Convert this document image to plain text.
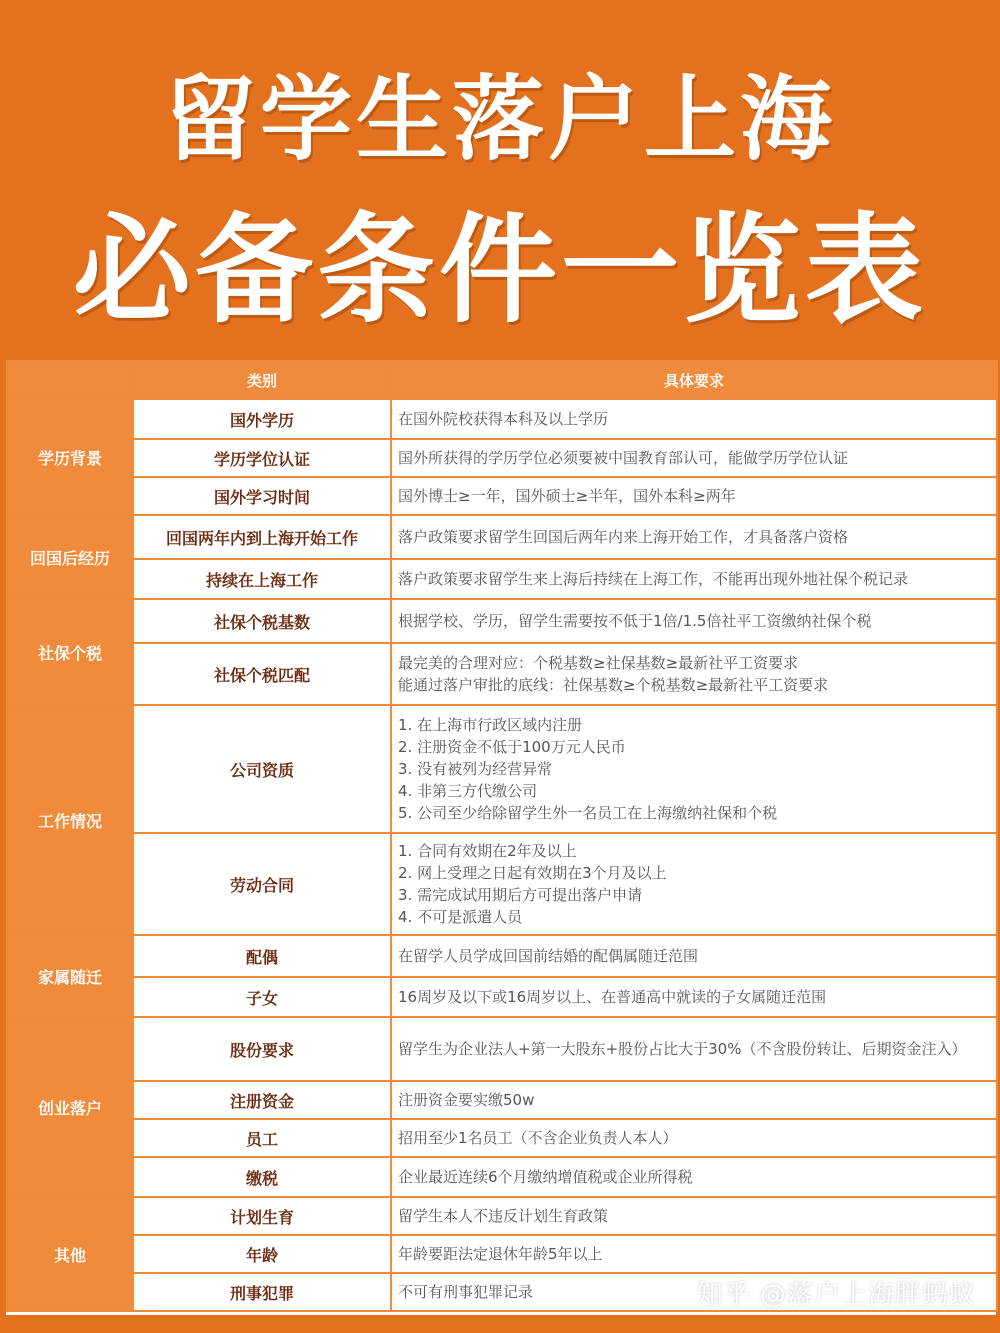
留学生落户上海
必备条件一览表
	类别	具体要求
学历背景	国外学历	在国外院校获得本科及以上学历

	学历学位认证	国外所获得的学历学位必须要被中国教育部认可，能做学历学位认证

	国外学习时间	国外博士≥一年，国外硕士≥半年，国外本科≥两年

回国后经历	回国两年内到上海开始工作	落户政策要求留学生回国后两年内来上海开始工作，才具备落户资格

	持续在上海工作	落户政策要求留学生来上海后持续在上海工作，不能再出现外地社保个税记录

社保个税	社保个税基数	根据学校、学历，留学生需要按不低于1倍/1.5倍社平工资缴纳社保个税

	社保个税匹配	最完美的合理对应：个税基数≥社保基数≥最新社平工资要求
能通过落户审批的底线：社保基数≥个税基数≥最新社平工资要求

工作情况	公司资质	1. 在上海市行政区域内注册
2. 注册资金不低于100万元人民币
3. 没有被列为经营异常
4. 非第三方代缴公司
5. 公司至少给除留学生外一名员工在上海缴纳社保和个税

	劳动合同	1. 合同有效期在2年及以上
2. 网上受理之日起有效期在3个月及以上
3. 需完成试用期后方可提出落户申请
4. 不可是派遣人员

家属随迁	配偶	在留学人员学成回国前结婚的配偶属随迁范围

	子女	16周岁及以下或16周岁以上、在普通高中就读的子女属随迁范围

创业落户	股份要求	留学生为企业法人+第一大股东+股份占比大于30%（不含股份转让、后期资金注入）

	注册资金	注册资金要实缴50w

	员工	招用至少1名员工（不含企业负责人本人）

	缴税	企业最近连续6个月缴纳增值税或企业所得税

其他	计划生育	留学生本人不违反计划生育政策

	年龄	年龄要距法定退休年龄5年以上

	刑事犯罪	不可有刑事犯罪记录	知乎 @落户上海胖蚂蚁
